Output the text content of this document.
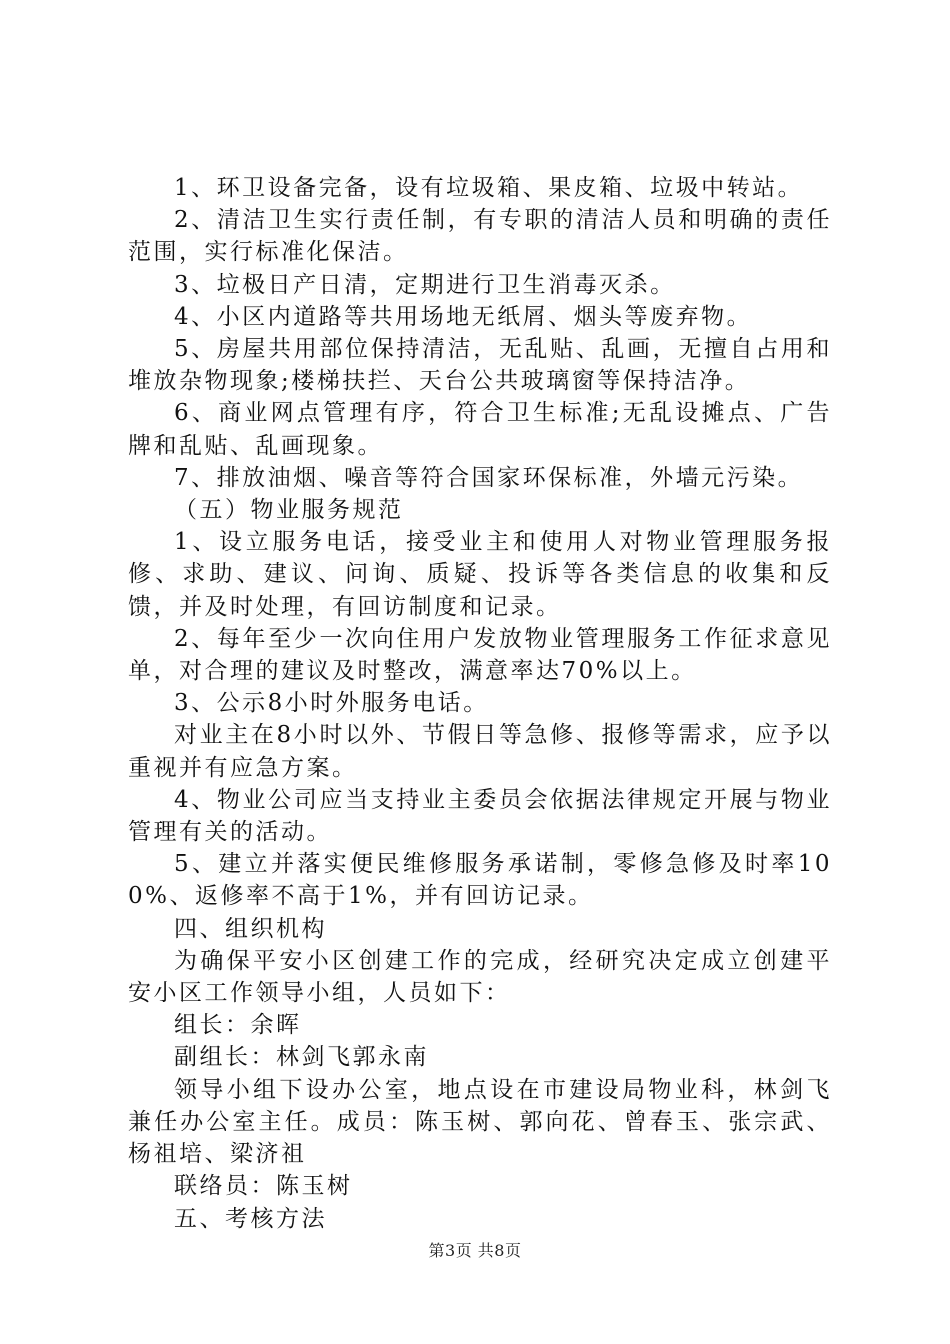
1、环卫设备完备，设有垃圾箱、果皮箱、垃圾中转站。

2、清洁卫生实行责任制，有专职的清洁人员和明确的责任范围，实行标准化保洁。

3、垃极日产日清，定期进行卫生消毒灭杀。

4、小区内道路等共用场地无纸屑、烟头等废弃物。

5、房屋共用部位保持清洁，无乱贴、乱画，无擅自占用和堆放杂物现象;楼梯扶拦、天台公共玻璃窗等保持洁净。

6、商业网点管理有序，符合卫生标准;无乱设摊点、广告牌和乱贴、乱画现象。

7、排放油烟、噪音等符合国家环保标准，外墙元污染。

（五）物业服务规范

1、设立服务电话，接受业主和使用人对物业管理服务报修、求助、建议、问询、质疑、投诉等各类信息的收集和反馈，并及时处理，有回访制度和记录。

2、每年至少一次向住用户发放物业管理服务工作征求意见单，对合理的建议及时整改，满意率达70%以上。

3、公示8小时外服务电话。

对业主在8小时以外、节假日等急修、报修等需求，应予以重视并有应急方案。

4、物业公司应当支持业主委员会依据法律规定开展与物业管理有关的活动。

5、建立并落实便民维修服务承诺制，零修急修及时率100%、返修率不高于1%，并有回访记录。

四、组织机构

为确保平安小区创建工作的完成，经研究决定成立创建平安小区工作领导小组，人员如下：

组长：余晖

副组长：林剑飞郭永南

领导小组下设办公室，地点设在市建设局物业科，林剑飞兼任办公室主任。成员：陈玉树、郭向花、曾春玉、张宗武、杨祖培、梁济祖

联络员：陈玉树

五、考核方法

第3页 共8页
